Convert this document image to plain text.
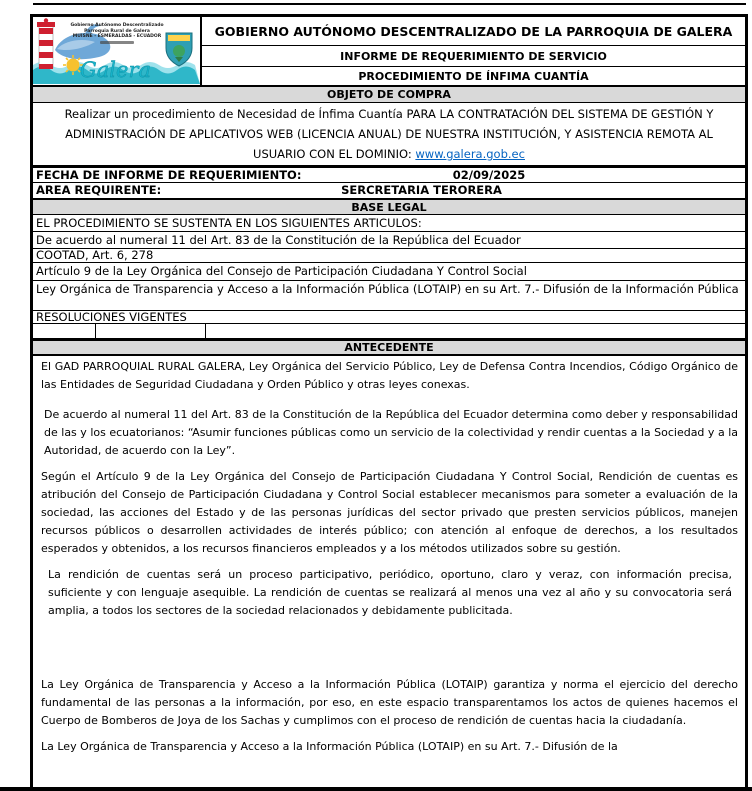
Galera
Gobierno Autónomo Descentralizado Parroquia Rural de Galera
MUISNE - ESMERALDAS - ECUADOR	GOBIERNO AUTÓNOMO DESCENTRALIZADO DE LA PARROQUIA DE GALERA
INFORME DE REQUERIMIENTO DE SERVICIO
PROCEDIMIENTO DE ÍNFIMA CUANTÍA
OBJETO DE COMPRA
Realizar un procedimiento de Necesidad de Ínfima Cuantía PARA LA CONTRATACIÓN DEL SISTEMA DE GESTIÓN Y ADMINISTRACIÓN DE APLICATIVOS WEB (LICENCIA ANUAL) DE NUESTRA INSTITUCIÓN, Y ASISTENCIA REMOTA AL USUARIO CON EL DOMINIO: www.galera.gob.ec
FECHA DE INFORME DE REQUERIMIENTO:	02/09/2025
AREA REQUIRENTE:	SERCRETARIA TERORERA
BASE LEGAL
EL PROCEDIMIENTO SE SUSTENTA EN LOS SIGUIENTES ARTICULOS:
De acuerdo al numeral 11 del Art. 83 de la Constitución de la República del Ecuador
COOTAD, Art. 6, 278
Artículo 9 de la Ley Orgánica del Consejo de Participación Ciudadana Y Control Social
Ley Orgánica de Transparencia y Acceso a la Información Pública (LOTAIP) en su Art. 7.- Difusión de la Información Pública
RESOLUCIONES VIGENTES
ANTECEDENTE

El GAD PARROQUIAL RURAL GALERA, Ley Orgánica del Servicio Público, Ley de Defensa Contra Incendios, Código Orgánico de las Entidades de Seguridad Ciudadana y Orden Público y otras leyes conexas.

De acuerdo al numeral 11 del Art. 83 de la Constitución de la República del Ecuador determina como deber y responsabilidad de las y los ecuatorianos: “Asumir funciones públicas como un servicio de la colectividad y rendir cuentas a la Sociedad y a la Autoridad, de acuerdo con la Ley”.

Según el Artículo 9 de la Ley Orgánica del Consejo de Participación Ciudadana Y Control Social, Rendición de cuentas es atribución del Consejo de Participación Ciudadana y Control Social establecer mecanismos para someter a evaluación de la sociedad, las acciones del Estado y de las personas jurídicas del sector privado que presten servicios públicos, manejen recursos públicos o desarrollen actividades de interés público; con atención al enfoque de derechos, a los resultados esperados y obtenidos, a los recursos financieros empleados y a los métodos utilizados sobre su gestión.

La rendición de cuentas será un proceso participativo, periódico, oportuno, claro y veraz, con información precisa, suficiente y con lenguaje asequible. La rendición de cuentas se realizará al menos una vez al año y su convocatoria será amplia, a todos los sectores de la sociedad relacionados y debidamente publicitada.

La Ley Orgánica de Transparencia y Acceso a la Información Pública (LOTAIP) garantiza y norma el ejercicio del derecho fundamental de las personas a la información, por eso, en este espacio transparentamos los actos de quienes hacemos el Cuerpo de Bomberos de Joya de los Sachas y cumplimos con el proceso de rendición de cuentas hacia la ciudadanía.

La Ley Orgánica de Transparencia y Acceso a la Información Pública (LOTAIP) en su Art. 7.- Difusión de la
